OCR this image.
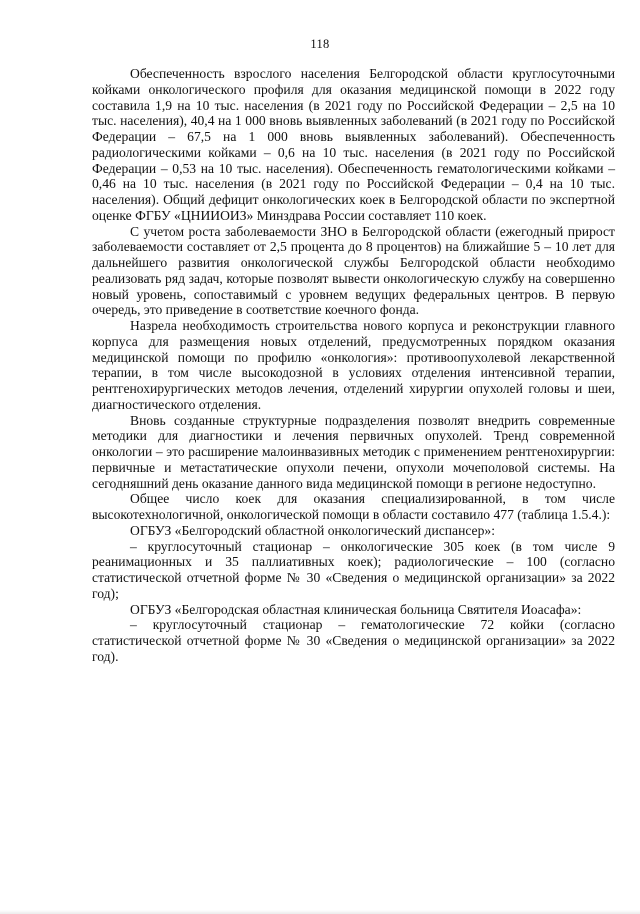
118

Обеспеченность взрослого населения Белгородской области круглосуточными койками онкологического профиля для оказания медицинской помощи в 2022 году составила 1,9 на 10 тыс. населения (в 2021 году по Российской Федерации – 2,5 на 10 тыс. населения), 40,4 на 1 000 вновь выявленных заболеваний (в 2021 году по Российской Федерации – 67,5 на 1 000 вновь выявленных заболеваний). Обеспеченность радиологическими койками – 0,6 на 10 тыс. населения (в 2021 году по Российской Федерации – 0,53 на 10 тыс. населения). Обеспеченность гематологическими койками – 0,46 на 10 тыс. населения (в 2021 году по Российской Федерации – 0,4 на 10 тыс. населения). Общий дефицит онкологических коек в Белгородской области по экспертной оценке ФГБУ «ЦНИИОИЗ» Минздрава России составляет 110 коек.

С учетом роста заболеваемости ЗНО в Белгородской области (ежегодный прирост заболеваемости составляет от 2,5 процента до 8 процентов) на ближайшие 5 – 10 лет для дальнейшего развития онкологической службы Белгородской области необходимо реализовать ряд задач, которые позволят вывести онкологическую службу на совершенно новый уровень, сопоставимый с уровнем ведущих федеральных центров. В первую очередь, это приведение в соответствие коечного фонда.

Назрела необходимость строительства нового корпуса и реконструкции главного корпуса для размещения новых отделений, предусмотренных порядком оказания медицинской помощи по профилю «онкология»: противоопухолевой лекарственной терапии, в том числе высокодозной в условиях отделения интенсивной терапии, рентгенохирургических методов лечения, отделений хирургии опухолей головы и шеи, диагностического отделения.

Вновь созданные структурные подразделения позволят внедрить современные методики для диагностики и лечения первичных опухолей. Тренд современной онкологии – это расширение малоинвазивных методик с применением рентгенохирургии: первичные и метастатические опухоли печени, опухоли мочеполовой системы. На сегодняшний день оказание данного вида медицинской помощи в регионе недоступно.

Общее число коек для оказания специализированной, в том числе высокотехнологичной, онкологической помощи в области составило 477 (таблица 1.5.4.):

ОГБУЗ «Белгородский областной онкологический диспансер»:

– круглосуточный стационар – онкологические 305 коек (в том числе 9 реанимационных и 35 паллиативных коек); радиологические – 100 (согласно статистической отчетной форме № 30 «Сведения о медицинской организации» за 2022 год);

ОГБУЗ «Белгородская областная клиническая больница Святителя Иоасафа»:

– круглосуточный стационар – гематологические 72 койки (согласно статистической отчетной форме № 30 «Сведения о медицинской организации» за 2022 год).
